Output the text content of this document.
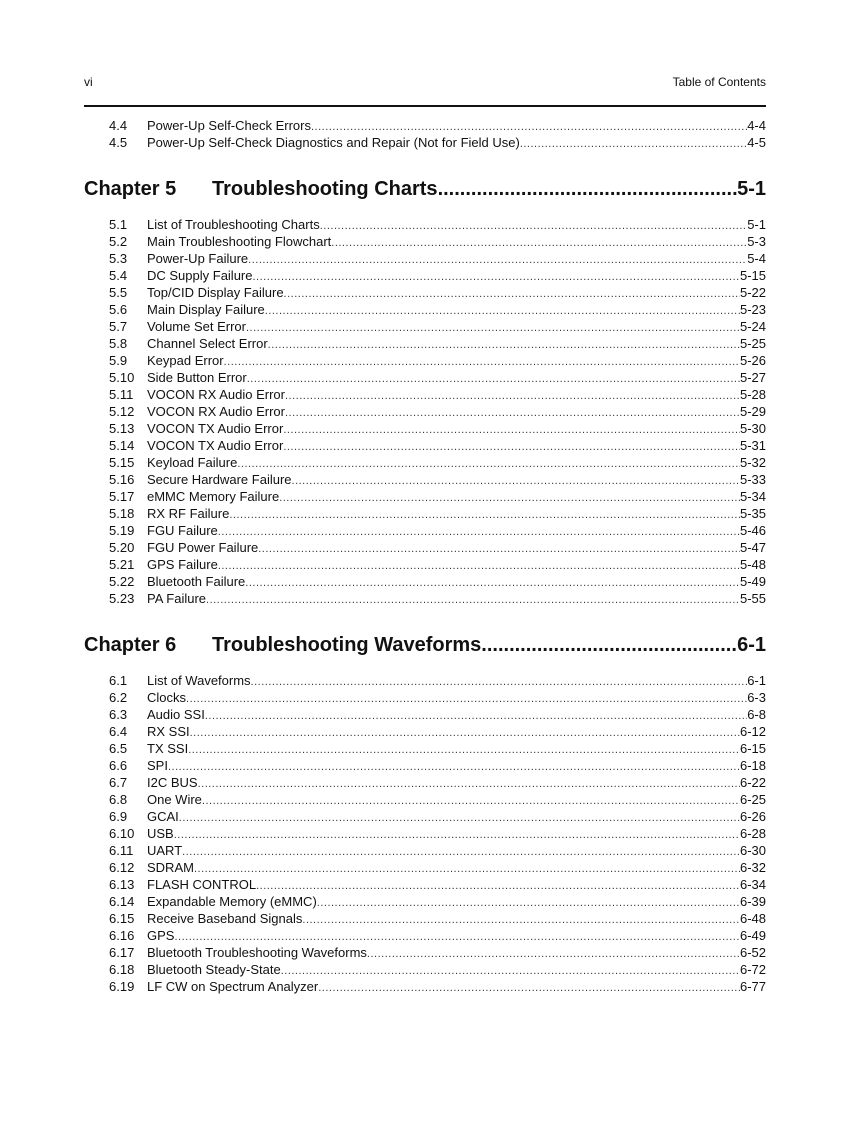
vi	Table of Contents
4.4	Power-Up Self-Check Errors .....	4-4
4.5	Power-Up Self-Check Diagnostics and Repair (Not for Field Use) .....	4-5
Chapter 5	Troubleshooting Charts .....	5-1
5.1	List of Troubleshooting Charts .....	5-1
5.2	Main Troubleshooting Flowchart .....	5-3
5.3	Power-Up Failure .....	5-4
5.4	DC Supply Failure .....	5-15
5.5	Top/CID Display Failure .....	5-22
5.6	Main Display Failure .....	5-23
5.7	Volume Set Error .....	5-24
5.8	Channel Select Error .....	5-25
5.9	Keypad Error .....	5-26
5.10 Side Button Error .....	5-27
5.11	VOCON RX Audio Error .....	5-28
5.12 VOCON RX Audio Error .....	5-29
5.13 VOCON TX Audio Error .....	5-30
5.14 VOCON TX Audio Error .....	5-31
5.15 Keyload Failure .....	5-32
5.16 Secure Hardware Failure .....	5-33
5.17 eMMC Memory Failure .....	5-34
5.18 RX RF Failure .....	5-35
5.19 FGU Failure .....	5-46
5.20 FGU Power Failure .....	5-47
5.21 GPS Failure .....	5-48
5.22 Bluetooth Failure .....	5-49
5.23 PA Failure .....	5-55
Chapter 6	Troubleshooting Waveforms .....	6-1
6.1	List of Waveforms .....	6-1
6.2	Clocks .....	6-3
6.3	Audio SSI .....	6-8
6.4	RX SSI .....	6-12
6.5	TX SSI .....	6-15
6.6	SPI .....	6-18
6.7	I2C BUS .....	6-22
6.8	One Wire .....	6-25
6.9	GCAI .....	6-26
6.10 USB .....	6-28
6.11	UART .....	6-30
6.12 SDRAM .....	6-32
6.13 FLASH CONTROL .....	6-34
6.14 Expandable Memory (eMMC) .....	6-39
6.15 Receive Baseband Signals .....	6-48
6.16 GPS .....	6-49
6.17 Bluetooth Troubleshooting Waveforms .....	6-52
6.18 Bluetooth Steady-State .....	6-72
6.19 LF CW on Spectrum Analyzer .....	6-77
